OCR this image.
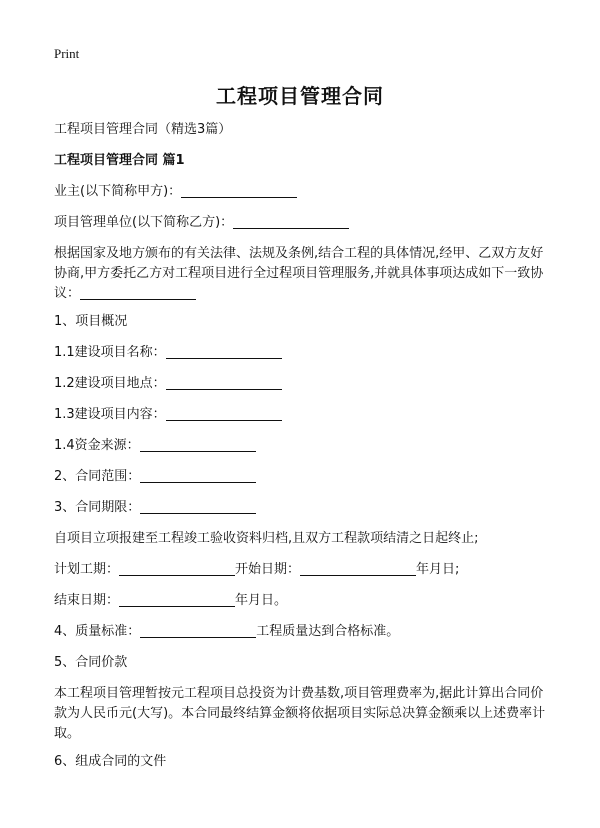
Print
工程项目管理合同
工程项目管理合同（精选3篇）
工程项目管理合同 篇1
业主(以下简称甲方)：
项目管理单位(以下简称乙方)：
根据国家及地方颁布的有关法律、法规及条例,结合工程的具体情况,经甲、乙双方友好协商,甲方委托乙方对工程项目进行全过程项目管理服务,并就具体事项达成如下一致协议：
1、项目概况
1.1建设项目名称：
1.2建设项目地点：
1.3建设项目内容：
1.4资金来源：
2、合同范围：
3、合同期限：
自项目立项报建至工程竣工验收资料归档,且双方工程款项结清之日起终止;
计划工期：	开始日期：	年月日;
结束日期：	年月日。
4、质量标准：	工程质量达到合格标准。
5、合同价款
本工程项目管理暂按元工程项目总投资为计费基数,项目管理费率为,据此计算出合同价款为人民币元(大写)。本合同最终结算金额将依据项目实际总决算金额乘以上述费率计取。
6、组成合同的文件
